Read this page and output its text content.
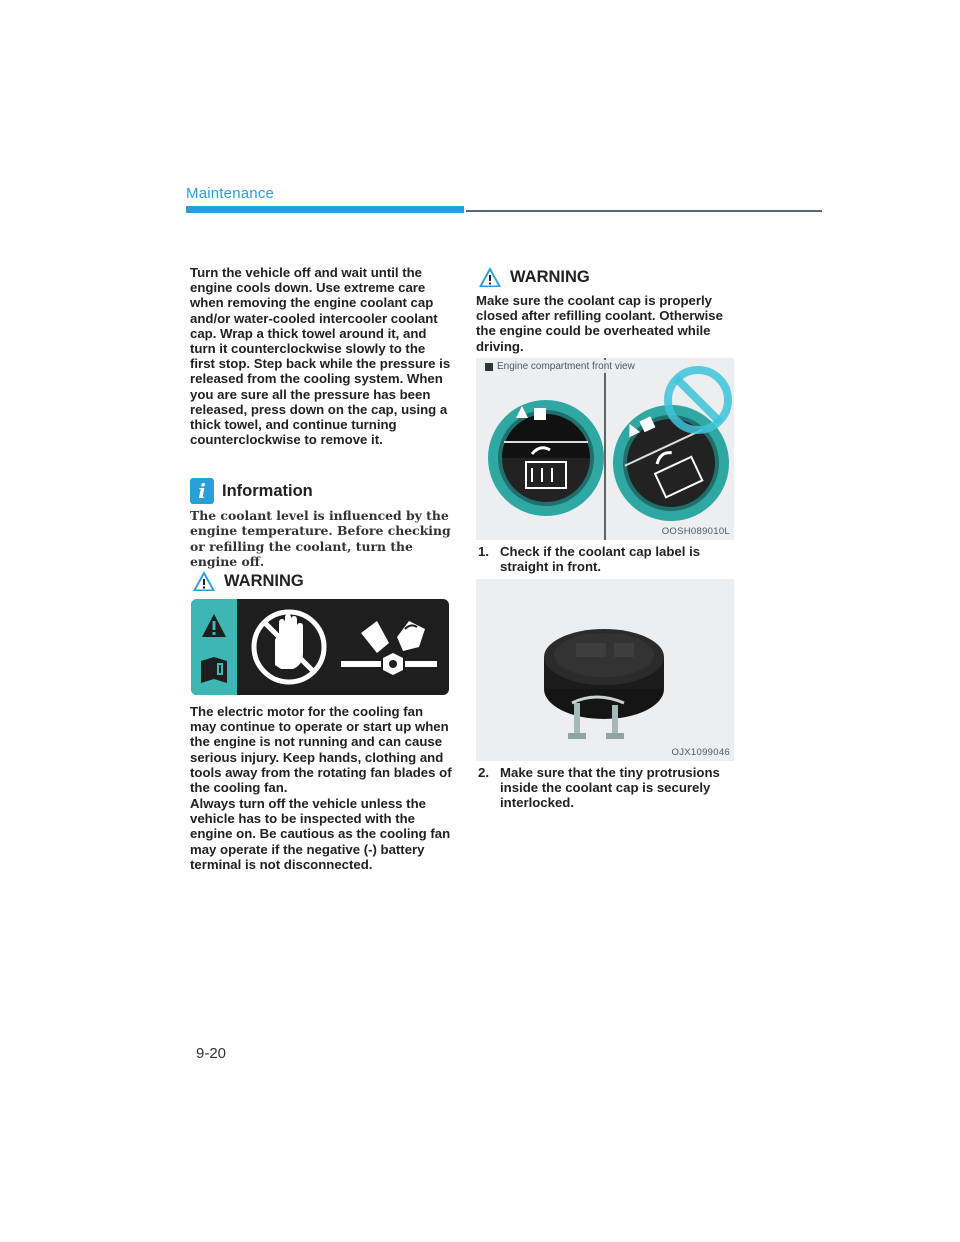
Maintenance

Turn the vehicle off and wait until the engine cools down. Use extreme care when removing the engine coolant cap and/or water-cooled intercooler coolant cap. Wrap a thick towel around it, and turn it counterclockwise slowly to the first stop. Step back while the pressure is released from the cooling system. When you are sure all the pressure has been released, press down on the cap, using a thick towel, and continue turning counterclockwise to remove it.

i Information
The coolant level is influenced by the engine temperature. Before checking or refilling the coolant, turn the engine off.
WARNING
The electric motor for the cooling fan may continue to operate or start up when the engine is not running and can cause serious injury. Keep hands, clothing and tools away from the rotating fan blades of the cooling fan.
Always turn off the vehicle unless the vehicle has to be inspected with the engine on. Be cautious as the cooling fan may operate if the negative (-) battery terminal is not disconnected.
WARNING
Make sure the coolant cap is properly closed after refilling coolant. Otherwise the engine could be overheated while driving.
Engine compartment front view
OOSH089010L
1. Check if the coolant cap label is straight in front.
OJX1099046
2. Make sure that the tiny protrusions inside the coolant cap is securely interlocked.
9-20
